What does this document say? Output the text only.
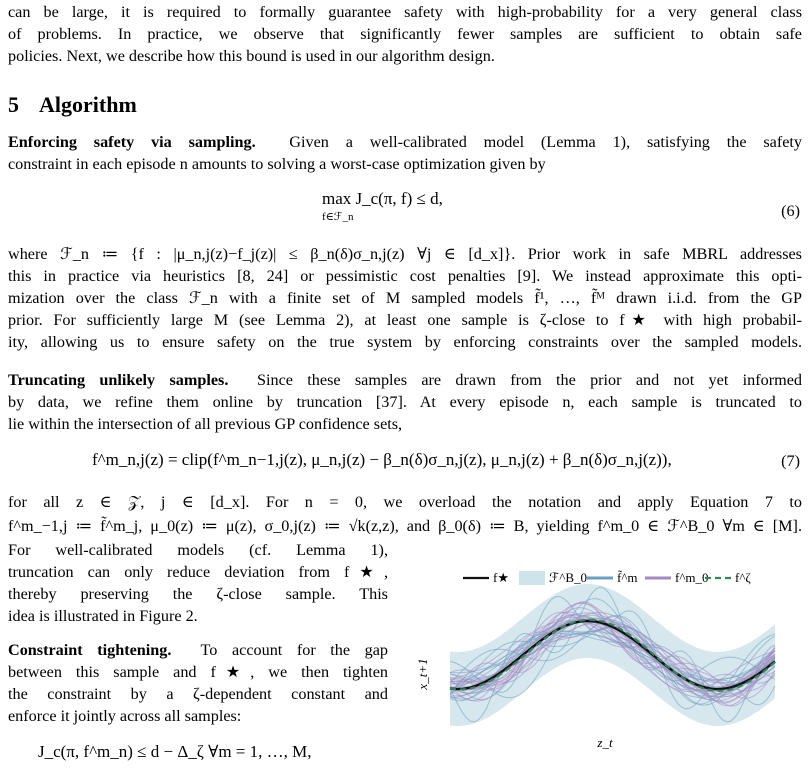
can be large, it is required to formally guarantee safety with high-probability for a very general class
of problems. In practice, we observe that significantly fewer samples are sufficient to obtain safe
policies. Next, we describe how this bound is used in our algorithm design.
5 Algorithm
Enforcing safety via sampling. Given a well-calibrated model (Lemma 1), satisfying the safety
constraint in each episode n amounts to solving a worst-case optimization given by
max J_c(π, f) ≤ d,
f∈ℱ_n	(6)
where ℱ_n ≔ {f : |μ_n,j(z)−f_j(z)| ≤ β_n(δ)σ_n,j(z) ∀j ∈ [d_x]}. Prior work in safe MBRL addresses
this in practice via heuristics [8, 24] or pessimistic cost penalties [9]. We instead approximate this opti-
mization over the class ℱ_n with a finite set of M sampled models f̃¹, …, f̃ᴹ drawn i.i.d. from the GP
prior. For sufficiently large M (see Lemma 2), at least one sample is ζ-close to f★ with high probabil-
ity, allowing us to ensure safety on the true system by enforcing constraints over the sampled models.
Truncating unlikely samples. Since these samples are drawn from the prior and not yet informed
by data, we refine them online by truncation [37]. At every episode n, each sample is truncated to
lie within the intersection of all previous GP confidence sets,
f^m_n,j(z) = clip(f^m_n−1,j(z), μ_n,j(z) − β_n(δ)σ_n,j(z), μ_n,j(z) + β_n(δ)σ_n,j(z)),	(7)
for all z ∈ 𝒵, j ∈ [d_x]. For n = 0, we overload the notation and apply Equation 7 to
f^m_−1,j ≔ f̃^m_j, μ_0(z) ≔ μ(z), σ_0,j(z) ≔ √k(z,z), and β_0(δ) ≔ B, yielding f^m_0 ∈ ℱ^B_0 ∀m ∈ [M].
For well-calibrated models (cf. Lemma 1),
truncation can only reduce deviation from f★,
thereby preserving the ζ-close sample. This
idea is illustrated in Figure 2.
Constraint tightening. To account for the gap
between this sample and f★, we then tighten
the constraint by a ζ-dependent constant and
enforce it jointly across all samples:
J_c(π, f^m_n) ≤ d − Δ_ζ ∀m = 1, …, M,
f★	ℱ^B_0 f̃^m	f^m_0 f^ζ
z_t
x_t+1
